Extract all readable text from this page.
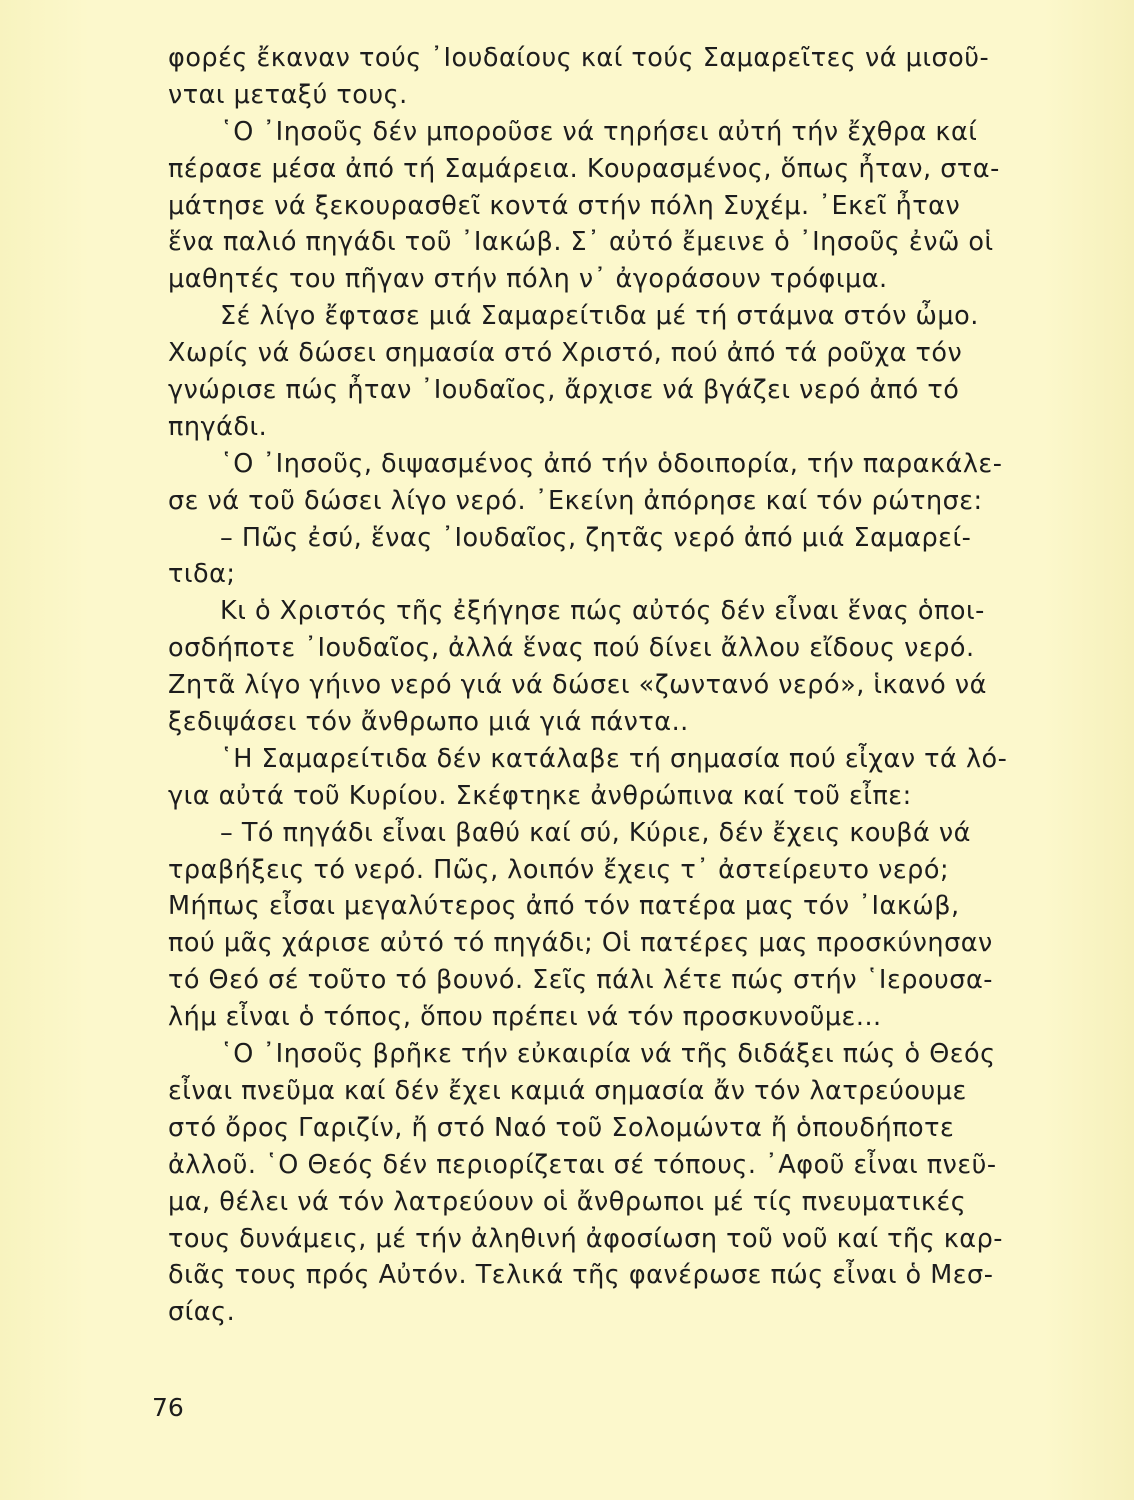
φορές ἔκαναν τούς ᾽Ιουδαίους καί τούς Σαμαρεῖτες νά μισοῦ-
νται μεταξύ τους.
῾Ο ᾽Ιησοῦς δέν μποροῦσε νά τηρήσει αὐτή τήν ἔχθρα καί
πέρασε μέσα ἀπό τή Σαμάρεια. Κουρασμένος, ὅπως ἦταν, στα-
μάτησε νά ξεκουρασθεῖ κοντά στήν πόλη Συχέμ. ᾽Εκεῖ ἦταν
ἕνα παλιό πηγάδι τοῦ ᾽Ιακώβ. Σ᾽ αὐτό ἔμεινε ὁ ᾽Ιησοῦς ἐνῶ οἱ
μαθητές του πῆγαν στήν πόλη ν᾽ ἀγοράσουν τρόφιμα.
Σέ λίγο ἔφτασε μιά Σαμαρείτιδα μέ τή στάμνα στόν ὦμο.
Χωρίς νά δώσει σημασία στό Χριστό, πού ἀπό τά ροῦχα τόν
γνώρισε πώς ἦταν ᾽Ιουδαῖος, ἄρχισε νά βγάζει νερό ἀπό τό
πηγάδι.
῾Ο ᾽Ιησοῦς, διψασμένος ἀπό τήν ὁδοιπορία, τήν παρακάλε-
σε νά τοῦ δώσει λίγο νερό. ᾽Εκείνη ἀπόρησε καί τόν ρώτησε:
– Πῶς ἐσύ, ἕνας ᾽Ιουδαῖος, ζητᾶς νερό ἀπό μιά Σαμαρεί-
τιδα;
Κι ὁ Χριστός τῆς ἐξήγησε πώς αὐτός δέν εἶναι ἕνας ὁποι-
οσδήποτε ᾽Ιουδαῖος, ἀλλά ἕνας πού δίνει ἄλλου εἴδους νερό.
Ζητᾶ λίγο γήινο νερό γιά νά δώσει «ζωντανό νερό», ἱκανό νά
ξεδιψάσει τόν ἄνθρωπο μιά γιά πάντα..
῾Η Σαμαρείτιδα δέν κατάλαβε τή σημασία πού εἶχαν τά λό-
για αὐτά τοῦ Κυρίου. Σκέφτηκε ἀνθρώπινα καί τοῦ εἶπε:
– Τό πηγάδι εἶναι βαθύ καί σύ, Κύριε, δέν ἔχεις κουβά νά
τραβήξεις τό νερό. Πῶς, λοιπόν ἔχεις τ᾽ ἀστείρευτο νερό;
Μήπως εἶσαι μεγαλύτερος ἀπό τόν πατέρα μας τόν ᾽Ιακώβ,
πού μᾶς χάρισε αὐτό τό πηγάδι; Οἱ πατέρες μας προσκύνησαν
τό Θεό σέ τοῦτο τό βουνό. Σεῖς πάλι λέτε πώς στήν ῾Ιερουσα-
λήμ εἶναι ὁ τόπος, ὅπου πρέπει νά τόν προσκυνοῦμε...
῾Ο ᾽Ιησοῦς βρῆκε τήν εὐκαιρία νά τῆς διδάξει πώς ὁ Θεός
εἶναι πνεῦμα καί δέν ἔχει καμιά σημασία ἄν τόν λατρεύουμε
στό ὄρος Γαριζίν, ἤ στό Ναό τοῦ Σολομώντα ἤ ὁπουδήποτε
ἀλλοῦ. ῾Ο Θεός δέν περιορίζεται σέ τόπους. ᾽Αφοῦ εἶναι πνεῦ-
μα, θέλει νά τόν λατρεύουν οἱ ἄνθρωποι μέ τίς πνευματικές
τους δυνάμεις, μέ τήν ἀληθινή ἀφοσίωση τοῦ νοῦ καί τῆς καρ-
διᾶς τους πρός Αὐτόν. Τελικά τῆς φανέρωσε πώς εἶναι ὁ Μεσ-
σίας.
76
